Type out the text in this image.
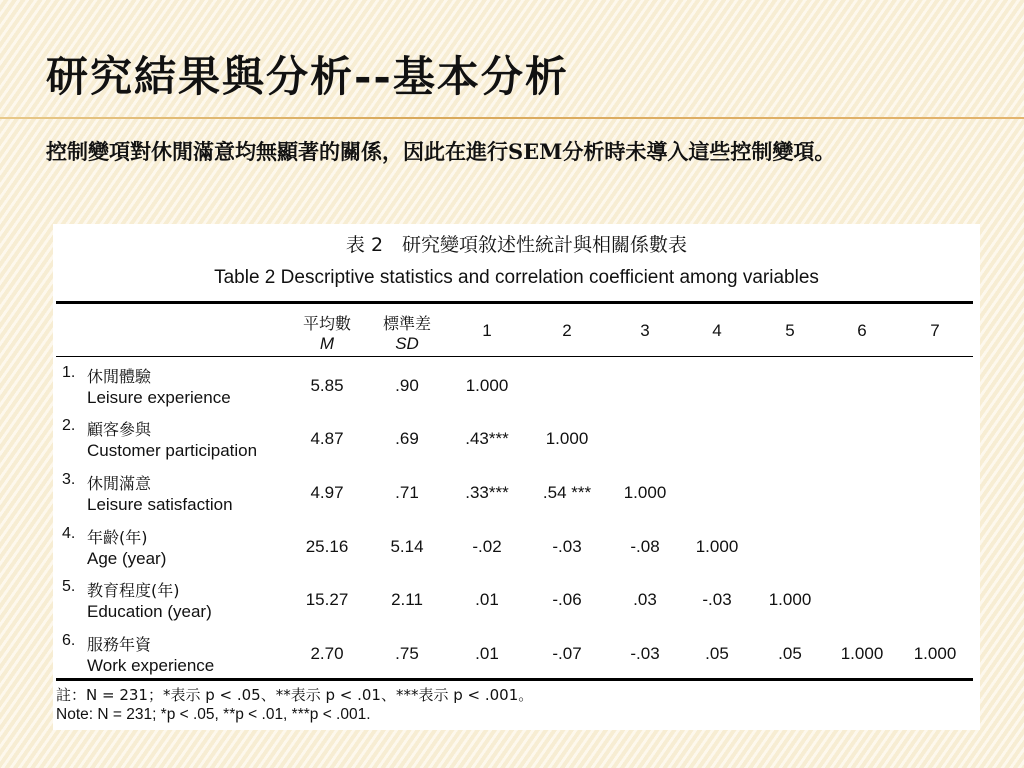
研究結果與分析--基本分析
控制變項對休閒滿意均無顯著的關係，因此在進行SEM分析時未導入這些控制變項。
表 2　研究變項敘述性統計與相關係數表
Table 2 Descriptive statistics and correlation coefficient among variables
平均數
M
標準差
SD
1	2	3	4	5	6	7
1. 休閒體驗
Leisure experience
5.85	.90	1.000
2. 顧客參與
Customer participation
4.87	.69	.43*** 1.000
3. 休閒滿意
Leisure satisfaction
4.97	.71	.33*** .54 *** 1.000
4. 年齡(年)
Age (year)
25.16 5.14	-.02	-.03	-.08 1.000
5. 教育程度(年)
Education (year)
15.27	2.11	.01	-.06	.03	-.03 1.000
6. 服務年資
Work experience
2.70	.75	.01	-.07	-.03	.05	.05 1.000 1.000
註：N = 231；*表示 p < .05、**表示 p < .01、***表示 p < .001。
Note: N = 231; *p < .05, **p < .01, ***p < .001.
